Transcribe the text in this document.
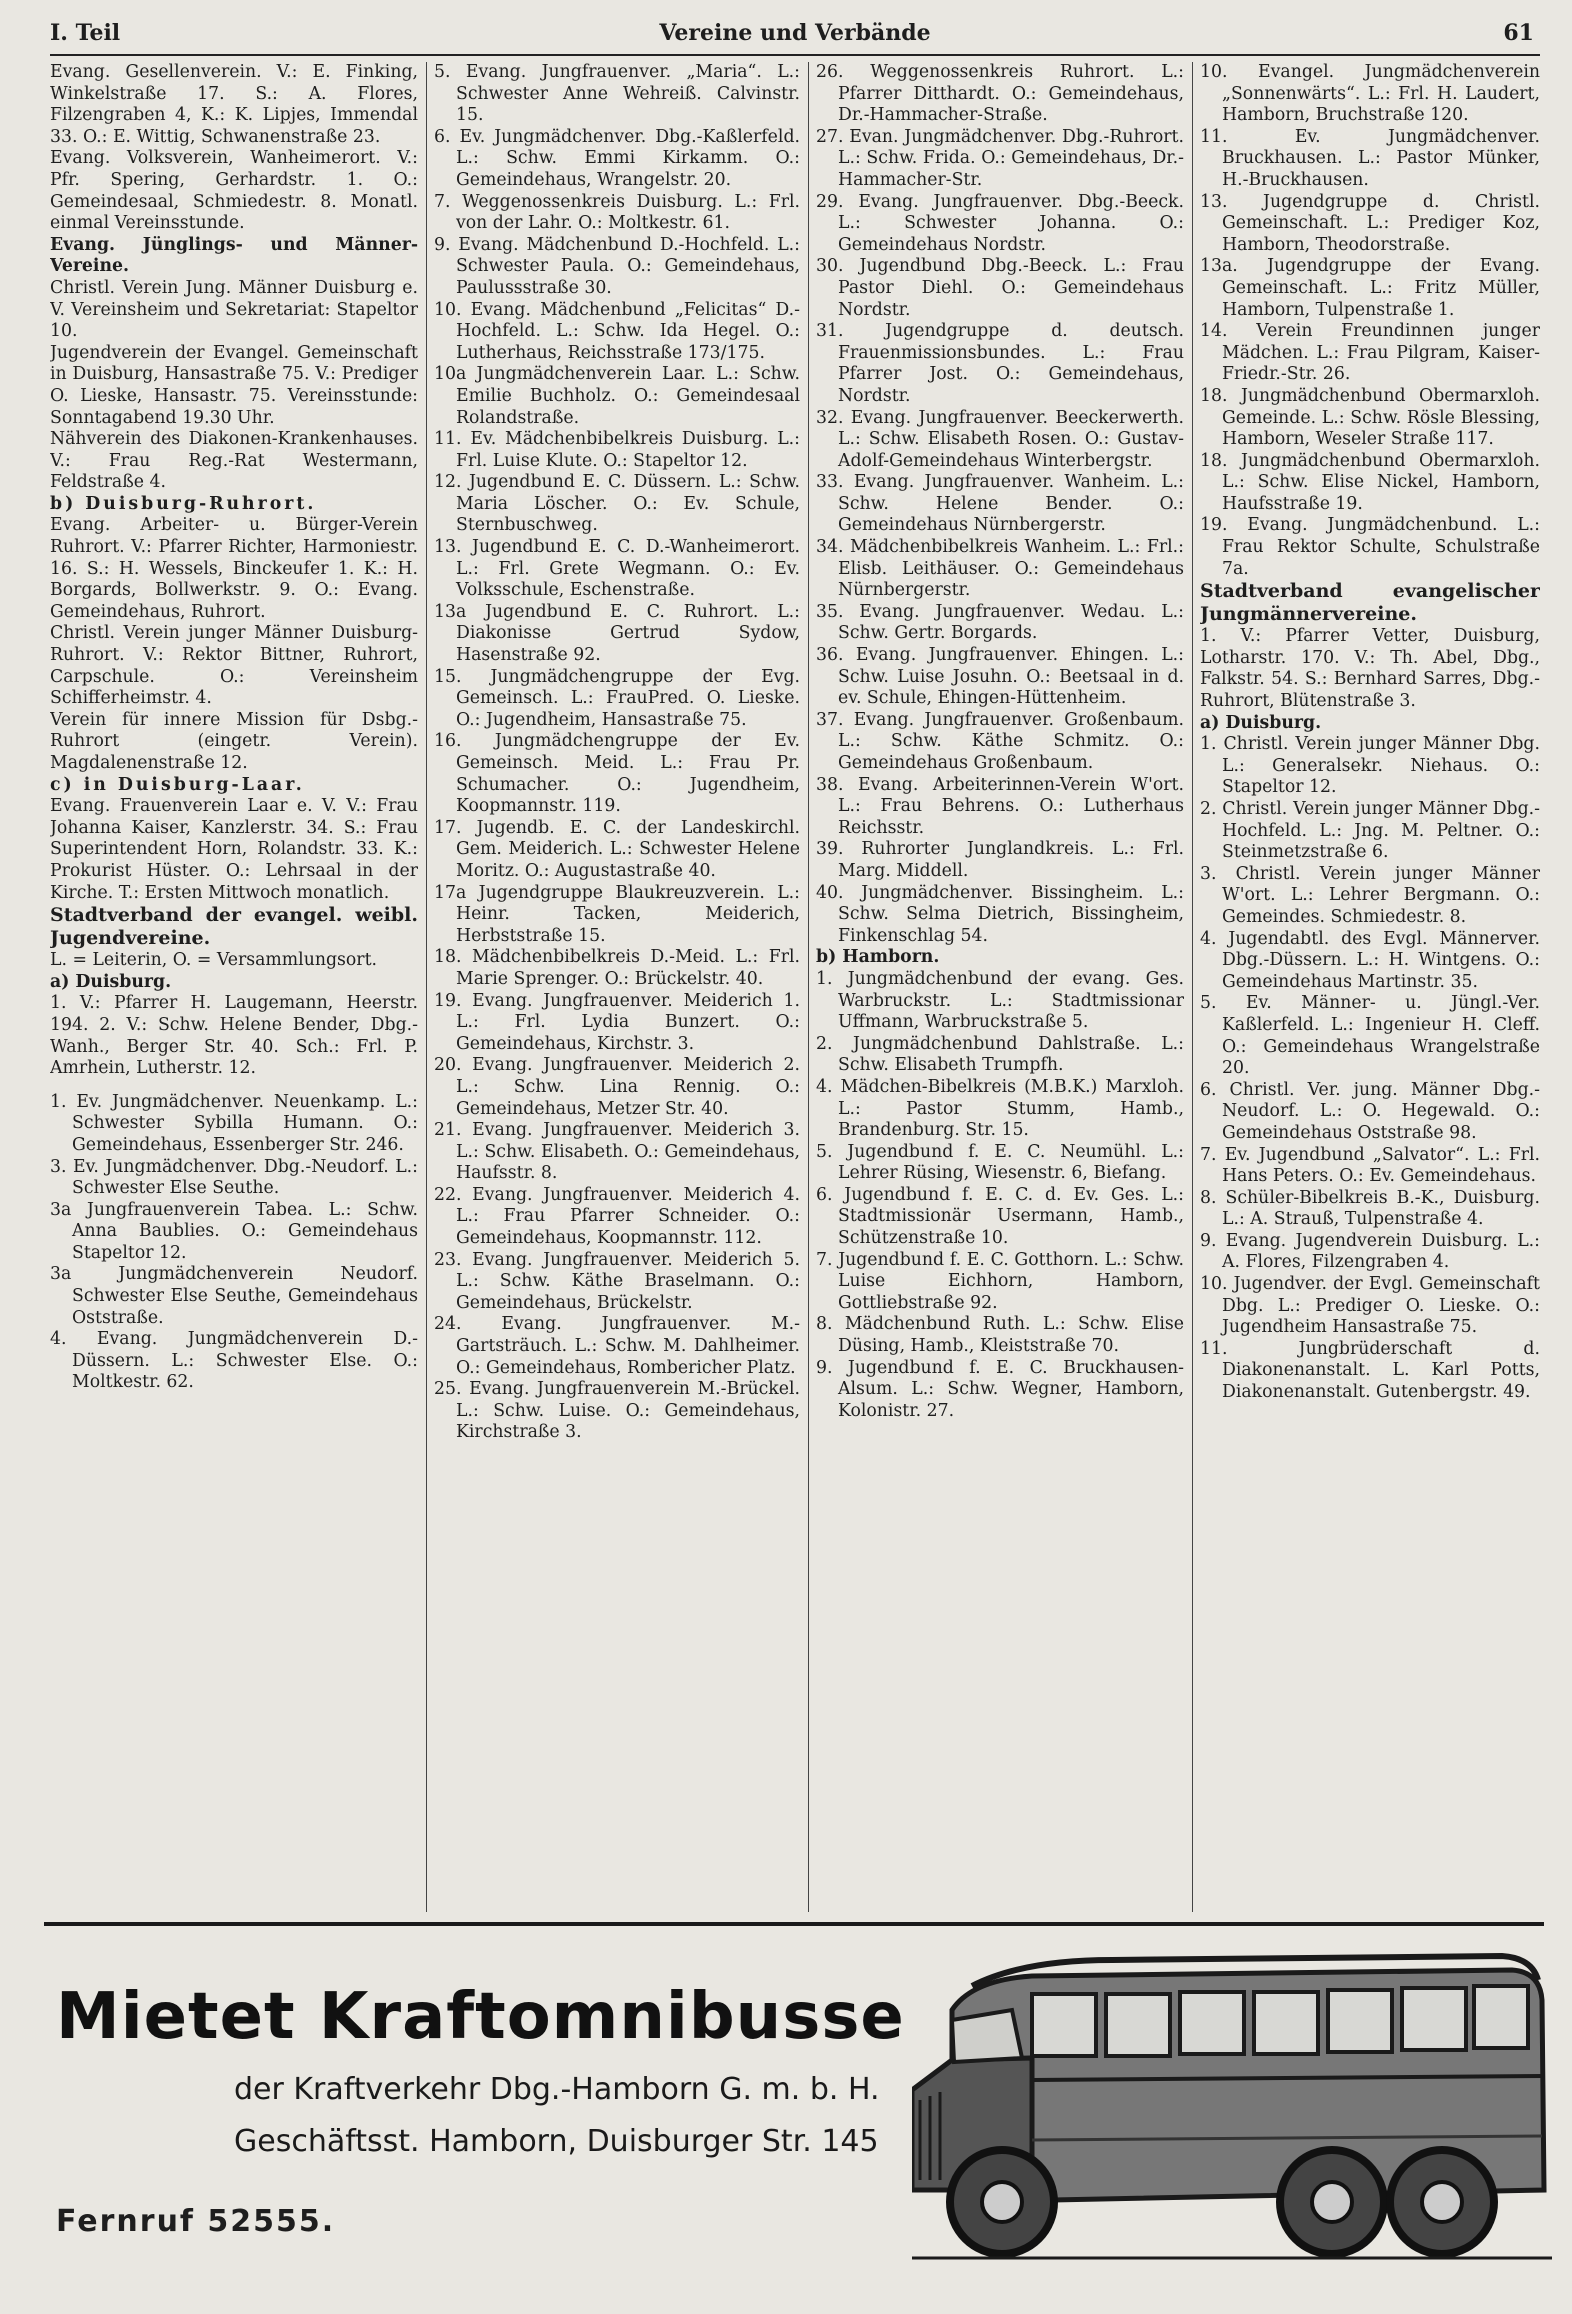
I. Teil	Vereine und Verbände	61

Evang. Gesellenverein. V.: E. Finking, Winkelstraße 17. S.: A. Flores, Filzengraben 4, K.: K. Lipjes, Immendal 33. O.: E. Wittig, Schwanenstraße 23.

Evang. Volksverein, Wanheimerort. V.: Pfr. Spering, Gerhardstr. 1. O.: Gemeindesaal, Schmiedestr. 8. Monatl. einmal Vereinsstunde.

Evang. Jünglings- und Männer-Vereine.

Christl. Verein Jung. Männer Duisburg e. V. Vereinsheim und Sekretariat: Stapeltor 10.

Jugendverein der Evangel. Gemeinschaft in Duisburg, Hansastraße 75. V.: Prediger O. Lieske, Hansastr. 75. Vereinsstunde: Sonntagabend 19.30 Uhr.

Nähverein des Diakonen-Krankenhauses. V.: Frau Reg.-Rat Westermann, Feldstraße 4.

b) Duisburg-Ruhrort.

Evang. Arbeiter- u. Bürger-Verein Ruhrort. V.: Pfarrer Richter, Harmoniestr. 16. S.: H. Wessels, Binckeufer 1. K.: H. Borgards, Bollwerkstr. 9. O.: Evang. Gemeindehaus, Ruhrort.

Christl. Verein junger Männer Duisburg-Ruhrort. V.: Rektor Bittner, Ruhrort, Carpschule. O.: Vereinsheim Schifferheimstr. 4.

Verein für innere Mission für Dsbg.-Ruhrort (eingetr. Verein). Magdalenenstraße 12.

c) in Duisburg-Laar.

Evang. Frauenverein Laar e. V. V.: Frau Johanna Kaiser, Kanzlerstr. 34. S.: Frau Superintendent Horn, Rolandstr. 33. K.: Prokurist Hüster. O.: Lehrsaal in der Kirche. T.: Ersten Mittwoch monatlich.

Stadtverband der evangel. weibl. Jugendvereine.

L. = Leiterin, O. = Versammlungsort.

a) Duisburg.

1. V.: Pfarrer H. Laugemann, Heerstr. 194. 2. V.: Schw. Helene Bender, Dbg.-Wanh., Berger Str. 40. Sch.: Frl. P. Amrhein, Lutherstr. 12.

1. Ev. Jungmädchenver. Neuenkamp. L.: Schwester Sybilla Humann. O.: Gemeindehaus, Essenberger Str. 246.

3. Ev. Jungmädchenver. Dbg.-Neudorf. L.: Schwester Else Seuthe.

3a Jungfrauenverein Tabea. L.: Schw. Anna Baublies. O.: Gemeindehaus Stapeltor 12.

3a Jungmädchenverein Neudorf. Schwester Else Seuthe, Gemeindehaus Oststraße.

4. Evang. Jungmädchenverein D.-Düssern. L.: Schwester Else. O.: Moltkestr. 62.

5. Evang. Jungfrauenver. „Maria“. L.: Schwester Anne Wehreiß. Calvinstr. 15.

6. Ev. Jungmädchenver. Dbg.-Kaßlerfeld. L.: Schw. Emmi Kirkamm. O.: Gemeindehaus, Wrangelstr. 20.

7. Weggenossenkreis Duisburg. L.: Frl. von der Lahr. O.: Moltkestr. 61.

9. Evang. Mädchenbund D.-Hochfeld. L.: Schwester Paula. O.: Gemeindehaus, Paulussstraße 30.

10. Evang. Mädchenbund „Felicitas“ D.-Hochfeld. L.: Schw. Ida Hegel. O.: Lutherhaus, Reichsstraße 173/175.

10a Jungmädchenverein Laar. L.: Schw. Emilie Buchholz. O.: Gemeindesaal Rolandstraße.

11. Ev. Mädchenbibelkreis Duisburg. L.: Frl. Luise Klute. O.: Stapeltor 12.

12. Jugendbund E. C. Düssern. L.: Schw. Maria Löscher. O.: Ev. Schule, Sternbuschweg.

13. Jugendbund E. C. D.-Wanheimerort. L.: Frl. Grete Wegmann. O.: Ev. Volksschule, Eschenstraße.

13a Jugendbund E. C. Ruhrort. L.: Diakonisse Gertrud Sydow, Hasenstraße 92.

15. Jungmädchengruppe der Evg. Gemeinsch. L.: FrauPred. O. Lieske. O.: Jugendheim, Hansastraße 75.

16. Jungmädchengruppe der Ev. Gemeinsch. Meid. L.: Frau Pr. Schumacher. O.: Jugendheim, Koopmannstr. 119.

17. Jugendb. E. C. der Landeskirchl. Gem. Meiderich. L.: Schwester Helene Moritz. O.: Augustastraße 40.

17a Jugendgruppe Blaukreuzverein. L.: Heinr. Tacken, Meiderich, Herbststraße 15.

18. Mädchenbibelkreis D.-Meid. L.: Frl. Marie Sprenger. O.: Brückelstr. 40.

19. Evang. Jungfrauenver. Meiderich 1. L.: Frl. Lydia Bunzert. O.: Gemeindehaus, Kirchstr. 3.

20. Evang. Jungfrauenver. Meiderich 2. L.: Schw. Lina Rennig. O.: Gemeindehaus, Metzer Str. 40.

21. Evang. Jungfrauenver. Meiderich 3. L.: Schw. Elisabeth. O.: Gemeindehaus, Haufsstr. 8.

22. Evang. Jungfrauenver. Meiderich 4. L.: Frau Pfarrer Schneider. O.: Gemeindehaus, Koopmannstr. 112.

23. Evang. Jungfrauenver. Meiderich 5. L.: Schw. Käthe Braselmann. O.: Gemeindehaus, Brückelstr.

24. Evang. Jungfrauenver. M.-Gartsträuch. L.: Schw. M. Dahlheimer. O.: Gemeindehaus, Rombericher Platz.

25. Evang. Jungfrauenverein M.-Brückel. L.: Schw. Luise. O.: Gemeindehaus, Kirchstraße 3.

26. Weggenossenkreis Ruhrort. L.: Pfarrer Ditthardt. O.: Gemeindehaus, Dr.-Hammacher-Straße.

27. Evan. Jungmädchenver. Dbg.-Ruhrort. L.: Schw. Frida. O.: Gemeindehaus, Dr.-Hammacher-Str.

29. Evang. Jungfrauenver. Dbg.-Beeck. L.: Schwester Johanna. O.: Gemeindehaus Nordstr.

30. Jugendbund Dbg.-Beeck. L.: Frau Pastor Diehl. O.: Gemeindehaus Nordstr.

31. Jugendgruppe d. deutsch. Frauenmissionsbundes. L.: Frau Pfarrer Jost. O.: Gemeindehaus, Nordstr.

32. Evang. Jungfrauenver. Beeckerwerth. L.: Schw. Elisabeth Rosen. O.: Gustav-Adolf-Gemeindehaus Winterbergstr.

33. Evang. Jungfrauenver. Wanheim. L.: Schw. Helene Bender. O.: Gemeindehaus Nürnbergerstr.

34. Mädchenbibelkreis Wanheim. L.: Frl.: Elisb. Leithäuser. O.: Gemeindehaus Nürnbergerstr.

35. Evang. Jungfrauenver. Wedau. L.: Schw. Gertr. Borgards.

36. Evang. Jungfrauenver. Ehingen. L.: Schw. Luise Josuhn. O.: Beetsaal in d. ev. Schule, Ehingen-Hüttenheim.

37. Evang. Jungfrauenver. Großenbaum. L.: Schw. Käthe Schmitz. O.: Gemeindehaus Großenbaum.

38. Evang. Arbeiterinnen-Verein W'ort. L.: Frau Behrens. O.: Lutherhaus Reichsstr.

39. Ruhrorter Junglandkreis. L.: Frl. Marg. Middell.

40. Jungmädchenver. Bissingheim. L.: Schw. Selma Dietrich, Bissingheim, Finkenschlag 54.

b) Hamborn.

1. Jungmädchenbund der evang. Ges. Warbruckstr. L.: Stadtmissionar Uffmann, Warbruckstraße 5.

2. Jungmädchenbund Dahlstraße. L.: Schw. Elisabeth Trumpfh.

4. Mädchen-Bibelkreis (M.B.K.) Marxloh. L.: Pastor Stumm, Hamb., Brandenburg. Str. 15.

5. Jugendbund f. E. C. Neumühl. L.: Lehrer Rüsing, Wiesenstr. 6, Biefang.

6. Jugendbund f. E. C. d. Ev. Ges. L.: Stadtmissionär Usermann, Hamb., Schützenstraße 10.

7. Jugendbund f. E. C. Gotthorn. L.: Schw. Luise Eichhorn, Hamborn, Gottliebstraße 92.

8. Mädchenbund Ruth. L.: Schw. Elise Düsing, Hamb., Kleiststraße 70.

9. Jugendbund f. E. C. Bruckhausen-Alsum. L.: Schw. Wegner, Hamborn, Kolonistr. 27.

10. Evangel. Jungmädchenverein „Sonnenwärts“. L.: Frl. H. Laudert, Hamborn, Bruchstraße 120.

11. Ev. Jungmädchenver. Bruckhausen. L.: Pastor Münker, H.-Bruckhausen.

13. Jugendgruppe d. Christl. Gemeinschaft. L.: Prediger Koz, Hamborn, Theodorstraße.

13a. Jugendgruppe der Evang. Gemeinschaft. L.: Fritz Müller, Hamborn, Tulpenstraße 1.

14. Verein Freundinnen junger Mädchen. L.: Frau Pilgram, Kaiser-Friedr.-Str. 26.

18. Jungmädchenbund Obermarxloh. Gemeinde. L.: Schw. Rösle Blessing, Hamborn, Weseler Straße 117.

18. Jungmädchenbund Obermarxloh. L.: Schw. Elise Nickel, Hamborn, Haufsstraße 19.

19. Evang. Jungmädchenbund. L.: Frau Rektor Schulte, Schulstraße 7a.

Stadtverband evangelischer Jungmännervereine.

1. V.: Pfarrer Vetter, Duisburg, Lotharstr. 170. V.: Th. Abel, Dbg., Falkstr. 54. S.: Bernhard Sarres, Dbg.-Ruhrort, Blütenstraße 3.

a) Duisburg.

1. Christl. Verein junger Männer Dbg. L.: Generalsekr. Niehaus. O.: Stapeltor 12.

2. Christl. Verein junger Männer Dbg.-Hochfeld. L.: Jng. M. Peltner. O.: Steinmetzstraße 6.

3. Christl. Verein junger Männer W'ort. L.: Lehrer Bergmann. O.: Gemeindes. Schmiedestr. 8.

4. Jugendabtl. des Evgl. Männerver. Dbg.-Düssern. L.: H. Wintgens. O.: Gemeindehaus Martinstr. 35.

5. Ev. Männer- u. Jüngl.-Ver. Kaßlerfeld. L.: Ingenieur H. Cleff. O.: Gemeindehaus Wrangelstraße 20.

6. Christl. Ver. jung. Männer Dbg.-Neudorf. L.: O. Hegewald. O.: Gemeindehaus Oststraße 98.

7. Ev. Jugendbund „Salvator“. L.: Frl. Hans Peters. O.: Ev. Gemeindehaus.

8. Schüler-Bibelkreis B.-K., Duisburg. L.: A. Strauß, Tulpenstraße 4.

9. Evang. Jugendverein Duisburg. L.: A. Flores, Filzengraben 4.

10. Jugendver. der Evgl. Gemeinschaft Dbg. L.: Prediger O. Lieske. O.: Jugendheim Hansastraße 75.

11. Jungbrüderschaft d. Diakonenanstalt. L. Karl Potts, Diakonenanstalt. Gutenbergstr. 49.

Mietet Kraftomnibusse
der Kraftverkehr Dbg.-Hamborn G. m. b. H.
Geschäftsst. Hamborn, Duisburger Str. 145
Fernruf 52555.
